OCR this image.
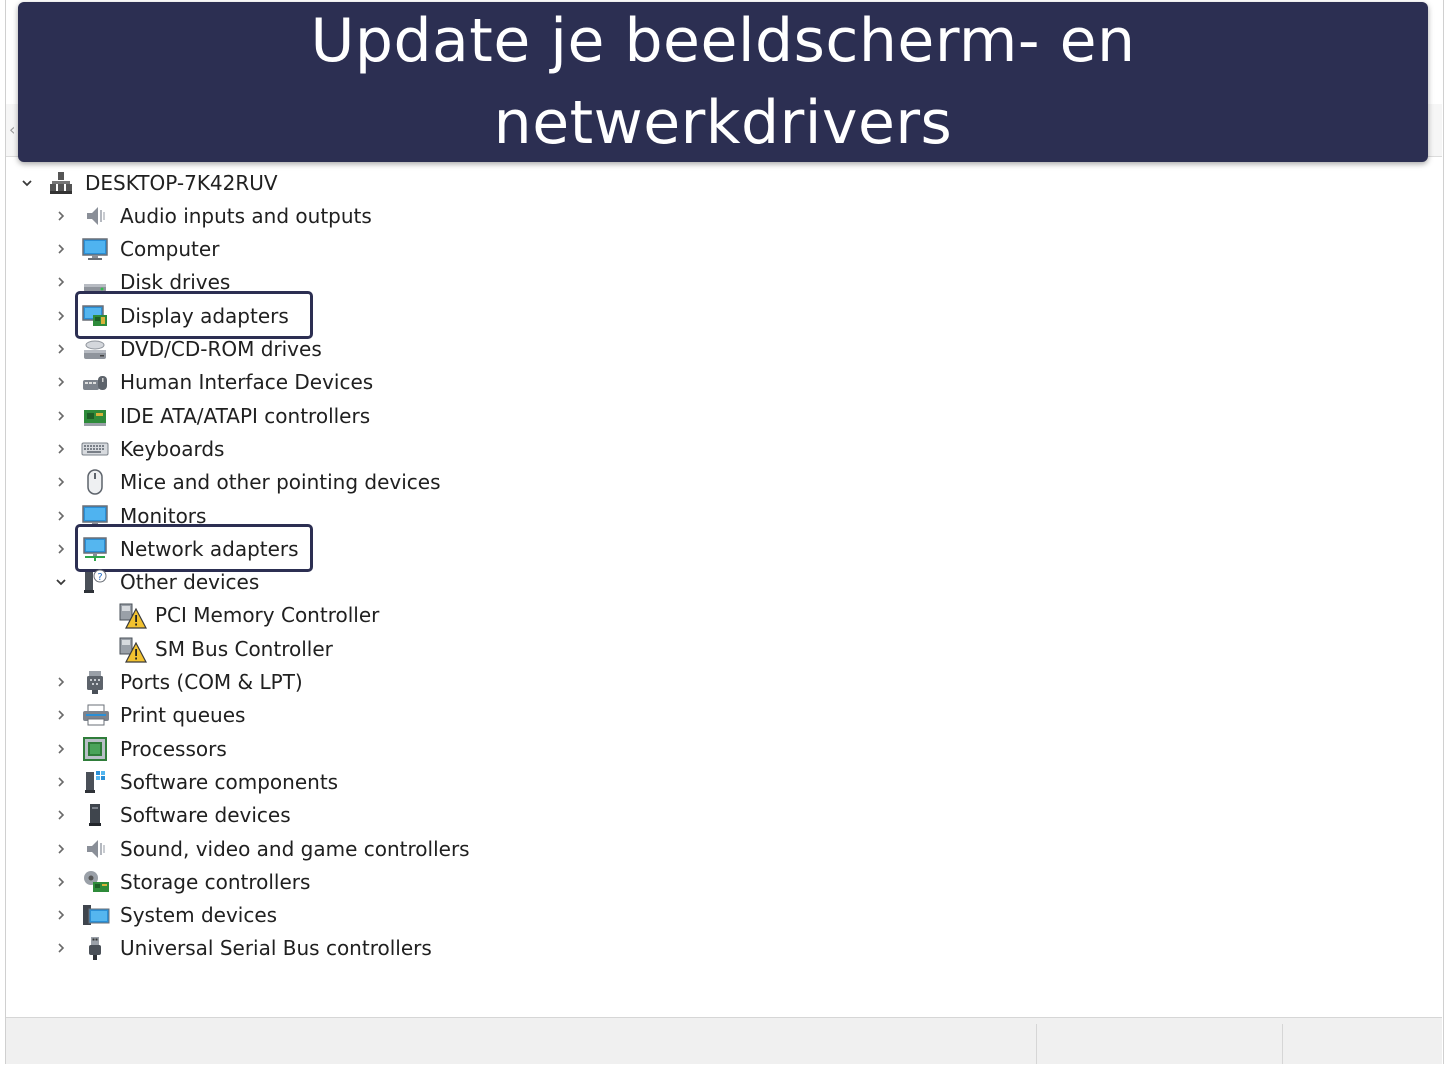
‹
Update je beeldscherm- en netwerkdrivers
DESKTOP-7K42RUV
Audio inputs and outputs
Computer
Disk drives
Display adapters
DVD/CD-ROM drives
Human Interface Devices
IDE ATA/ATAPI controllers
Keyboards
Mice and other pointing devices
Monitors
Network adapters
? Other devices
PCI Memory Controller
SM Bus Controller
Ports (COM & LPT)
Print queues
Processors
Software components
Software devices
Sound, video and game controllers
Storage controllers
System devices
Universal Serial Bus controllers
